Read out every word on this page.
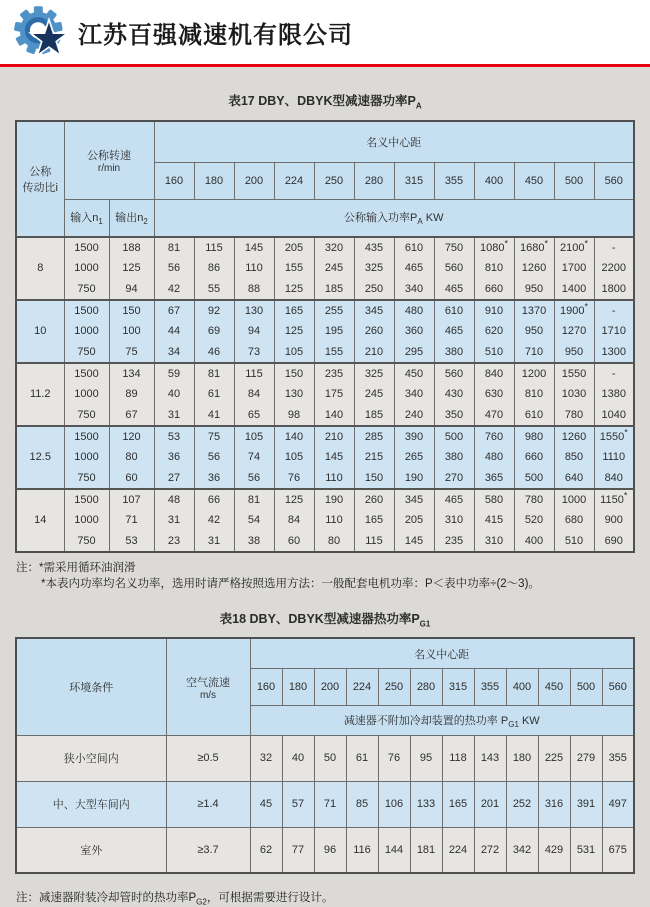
江苏百强减速机有限公司
表17 DBY、DBYK型减速器功率$P_A$
公称
传动比i

公称转速
r/min
	名义中心距
			160	180	200	224	250	280	315	355	400	450	500	560
	输入$n_1$	输出$n_2$	公称输入功率$P_A$ KW											
8	1500	188	81	115	145	205	320	435	610	750	1080*	1680*	2100*	-
	1000	125	56	86	110	155	245	325	465	560	810	1260	1700	2200
	750	94	42	55	88	125	185	250	340	465	660	950	1400	1800
10	1500	150	67	92	130	165	255	345	480	610	910	1370	1900*	-
	1000	100	44	69	94	125	195	260	360	465	620	950	1270	1710
	750	75	34	46	73	105	155	210	295	380	510	710	950	1300
11.2	1500	134	59	81	115	150	235	325	450	560	840	1200	1550	-
	1000	89	40	61	84	130	175	245	340	430	630	810	1030	1380
	750	67	31	41	65	98	140	185	240	350	470	610	780	1040
12.5	1500	120	53	75	105	140	210	285	390	500	760	980	1260	1550*
	1000	80	36	56	74	105	145	215	265	380	480	660	850	1110
	750	60	27	36	56	76	110	150	190	270	365	500	640	840
14	1500	107	48	66	81	125	190	260	345	465	580	780	1000	1150*
	1000	71	31	42	54	84	110	165	205	310	415	520	680	900
	750	53	23	31	38	60	80	115	145	235	310	400	510	690
注：*需采用循环油润滑
*本表内功率均名义功率，选用时请严格按照选用方法：一般配套电机功率：P＜表中功率÷(2～3)。
表18 DBY、DBYK型减速器热功率$P_{G1}$
环境条件	空气流速
m/s	名义中心距											
		160	180	200	224	250	280	315	355	400	450	500	560
		减速器不附加冷却装置的热功率 $P_{G1}$ KW											
狭小空间内	≥0.5	32	40	50	61	76	95	118	143	180	225	279	355
中、大型车间内	≥1.4	45	57	71	85	106	133	165	201	252	316	391	497
室外	≥3.7	62	77	96	116	144	181	224	272	342	429	531	675
注：减速器附装冷却管时的热功率$P_{G2}$，可根据需要进行设计。
